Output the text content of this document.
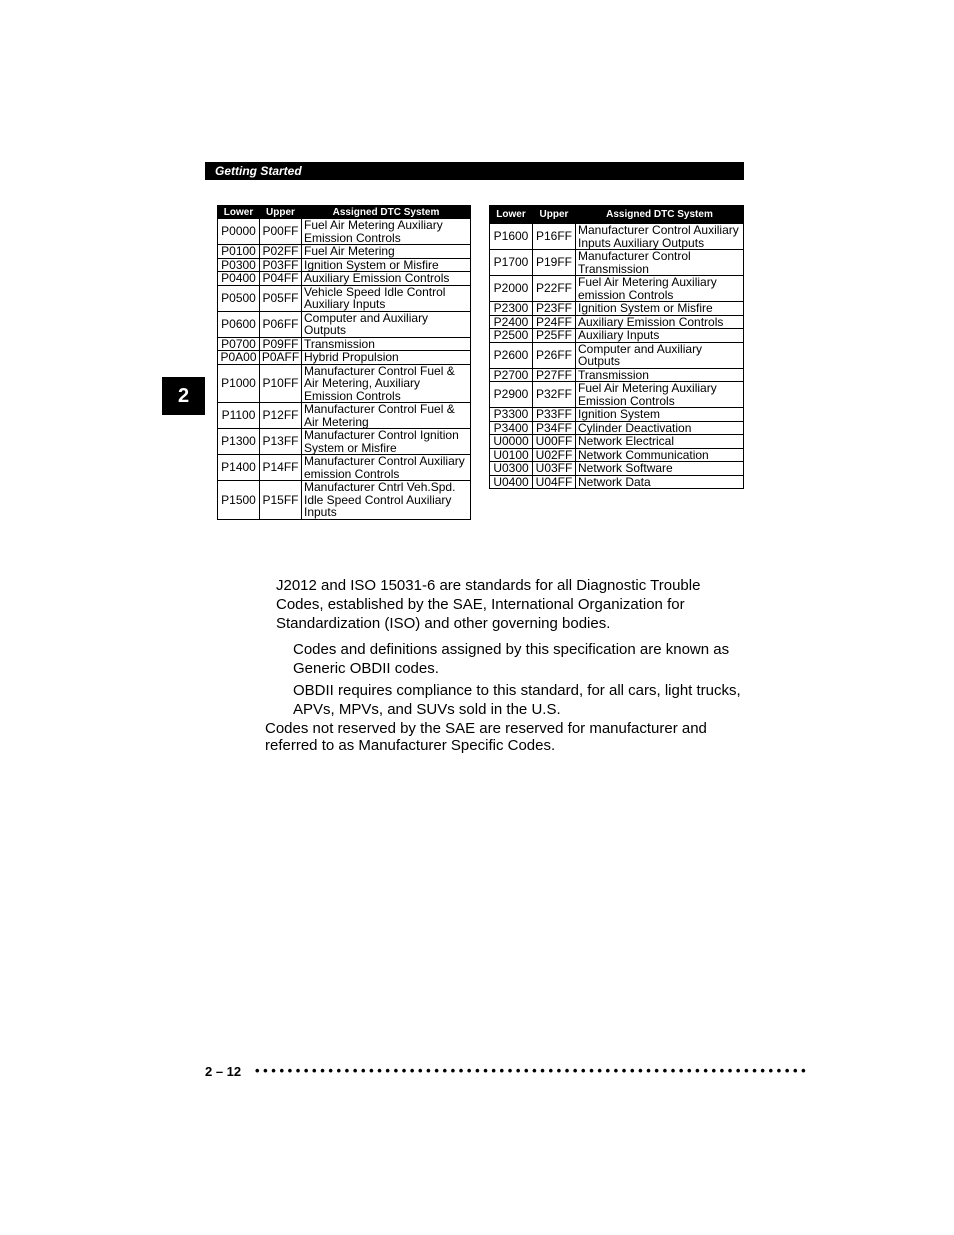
Getting Started
2
Lower	Upper	Assigned DTC System
P0000	P00FF	Fuel Air Metering Auxiliary Emission Controls
P0100	P02FF	Fuel Air Metering
P0300	P03FF	Ignition System or Misfire
P0400	P04FF	Auxiliary Emission Controls
P0500	P05FF	Vehicle Speed Idle Control Auxiliary Inputs
P0600	P06FF	Computer and Auxiliary Outputs
P0700	P09FF	Transmission
P0A00	P0AFF	Hybrid Propulsion
P1000	P10FF	Manufacturer Control Fuel & Air Metering, Auxiliary Emission Controls
P1100	P12FF	Manufacturer Control Fuel & Air Metering
P1300	P13FF	Manufacturer Control Ignition System or Misfire
P1400	P14FF	Manufacturer Control Auxiliary emission Controls
P1500	P15FF	Manufacturer Cntrl Veh.Spd. Idle Speed Control Auxiliary Inputs
Lower	Upper	Assigned DTC System
P1600	P16FF	Manufacturer Control Auxiliary Inputs Auxiliary Outputs
P1700	P19FF	Manufacturer Control Transmission
P2000	P22FF	Fuel Air Metering Auxiliary emission Controls
P2300	P23FF	Ignition System or Misfire
P2400	P24FF	Auxiliary Emission Controls
P2500	P25FF	Auxiliary Inputs
P2600	P26FF	Computer and Auxiliary Outputs
P2700	P27FF	Transmission
P2900	P32FF	Fuel Air Metering Auxiliary Emission Controls
P3300	P33FF	Ignition System
P3400	P34FF	Cylinder Deactivation
U0000	U00FF	Network Electrical
U0100	U02FF	Network Communication
U0300	U03FF	Network Software
U0400	U04FF	Network Data

J2012 and ISO 15031-6 are standards for all Diagnostic Trouble Codes, established by the SAE, International Organization for Standardization (ISO) and other governing bodies.

Codes and definitions assigned by this specification are known as Generic OBDII codes.

OBDII requires compliance to this standard, for all cars, light trucks, APVs, MPVs, and SUVs sold in the U.S.

Codes not reserved by the SAE are reserved for manufacturer and referred to as Manufacturer Specific Codes.

2 – 12 ••••••••••••••••••••••••••••••••••••••••••••••••••••••••••••••••••••
